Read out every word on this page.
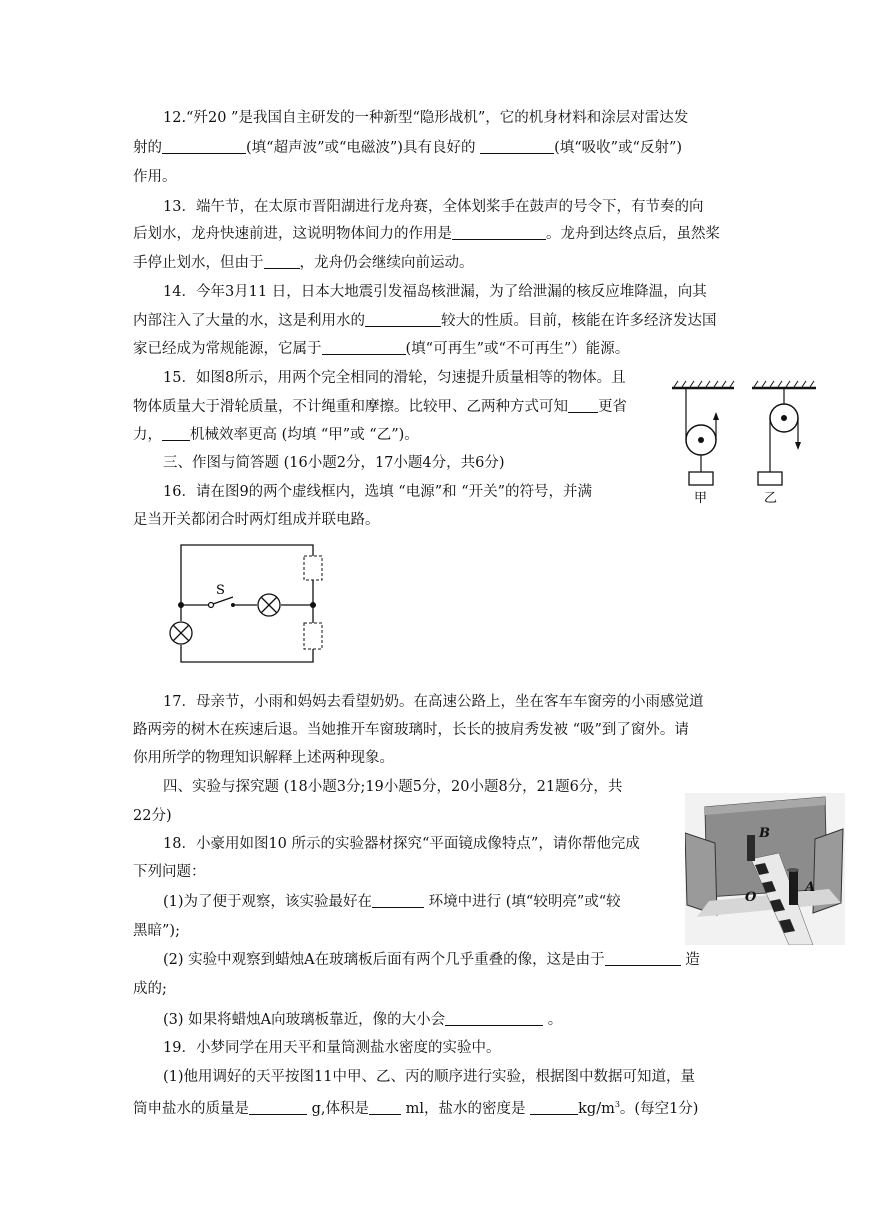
12.“歼20 ”是我国自主研发的一种新型“隐形战机”，它的机身材料和涂层对雷达发
射的	(填“超声波”或“电磁波”)具有良好的	(填“吸收”或“反射”)
作用。
13．端午节，在太原市晋阳湖进行龙舟赛，全体划桨手在鼓声的号令下，有节奏的向
后划水，龙舟快速前进，这说明物体间力的作用是	。龙舟到达终点后，虽然桨
手停止划水，但由于 ，龙舟仍会继续向前运动。
14．今年3月11 日，日本大地震引发福岛核泄漏，为了给泄漏的核反应堆降温，向其
内部注入了大量的水，这是利用水的	较大的性质。目前，核能在许多经济发达国
家已经成为常规能源，它属于	(填“可再生”或“不可再生”）能源。
15．如图8所示，用两个完全相同的滑轮，匀速提升质量相等的物体。且
物体质量大于滑轮质量，不计绳重和摩擦。比较甲、乙两种方式可知 更省
力， 机械效率更高 (均填 “甲”或 “乙”)。
甲	乙
三、作图与简答题 (16小题2分，17小题4分，共6分)
16．请在图9的两个虚线框内，选填 “电源”和 “开关”的符号，并满
足当开关都闭合时两灯组成并联电路。
S
17．母亲节，小雨和妈妈去看望奶奶。在高速公路上，坐在客车车窗旁的小雨感觉道
路两旁的树木在疾速后退。当她推开车窗玻璃时，长长的披肩秀发被 “吸”到了窗外。请
你用所学的物理知识解释上述两种现象。
四、实验与探究题 (18小题3分;19小题5分，20小题8分，21题6分，共
22分)
18．小豪用如图10 所示的实验器材探究“平面镜成像特点”，请你帮他完成
下列问题：
(1)为了便于观察，该实验最好在	环境中进行 (填“较明亮”或“较
黑暗”);
(2) 实验中观察到蜡烛A在玻璃板后面有两个几乎重叠的像，这是由于	造
成的;
(3) 如果将蜡烛A向玻璃板靠近，像的大小会	。
B
O
A
19．小梦同学在用天平和量筒测盐水密度的实验中。
(1)他用调好的天平按图11中甲、乙、丙的顺序进行实验，根据图中数据可知道，量
筒申盐水的质量是	g,体积是	ml，盐水的密度是	$kg/m^3$。(每空1分)
